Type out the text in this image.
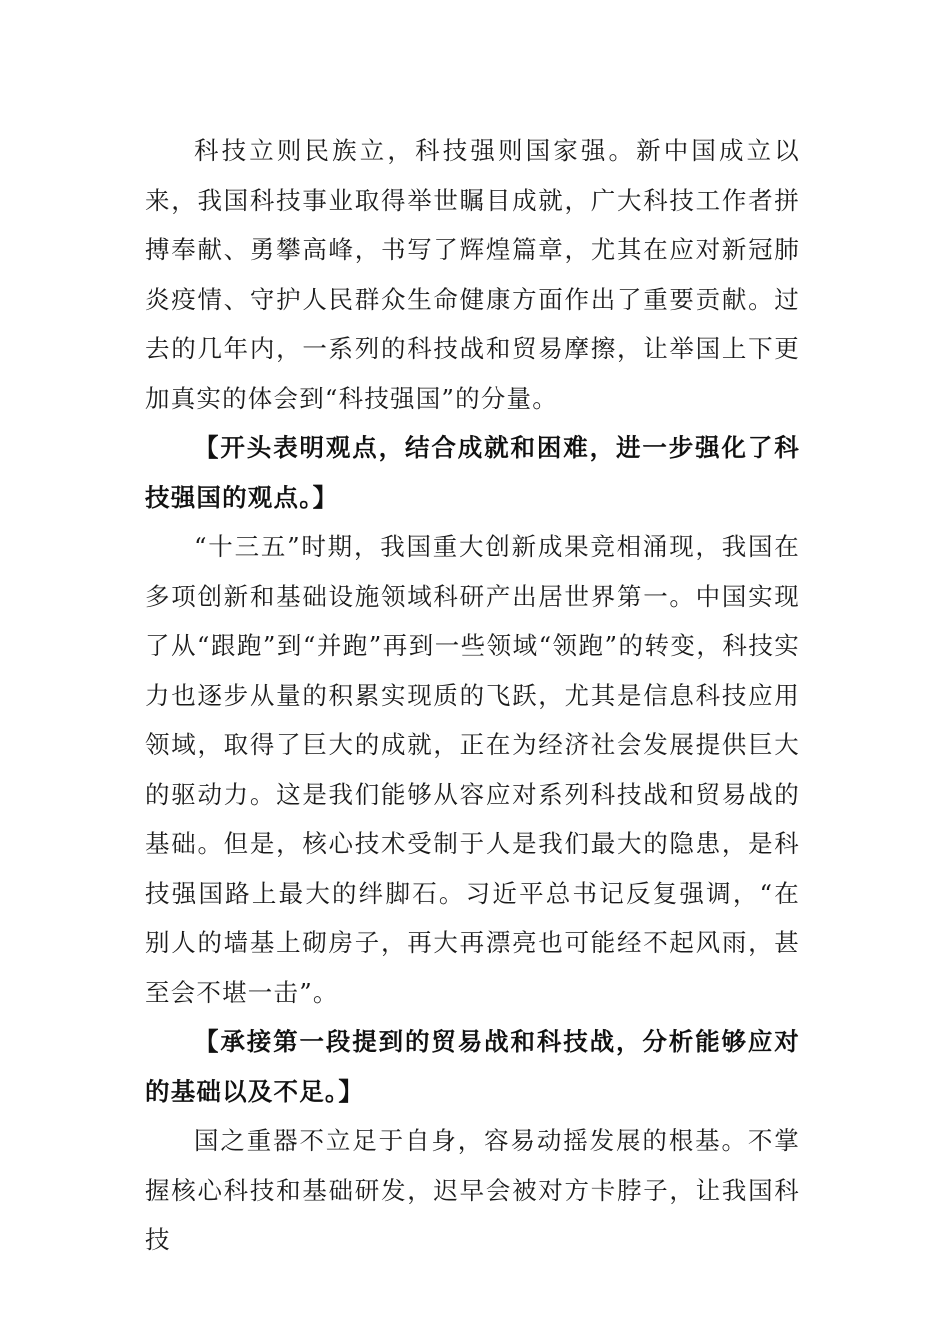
科技立则民族立，科技强则国家强。新中国成立以来，我国科技事业取得举世瞩目成就，广大科技工作者拼搏奉献、勇攀高峰，书写了辉煌篇章，尤其在应对新冠肺炎疫情、守护人民群众生命健康方面作出了重要贡献。过去的几年内，一系列的科技战和贸易摩擦，让举国上下更加真实的体会到“科技强国”的分量。

【开头表明观点，结合成就和困难，进一步强化了科技强国的观点。】

“十三五”时期，我国重大创新成果竞相涌现，我国在多项创新和基础设施领域科研产出居世界第一。中国实现了从“跟跑”到“并跑”再到一些领域“领跑”的转变，科技实力也逐步从量的积累实现质的飞跃，尤其是信息科技应用领域，取得了巨大的成就，正在为经济社会发展提供巨大的驱动力。这是我们能够从容应对系列科技战和贸易战的基础。但是，核心技术受制于人是我们最大的隐患，是科技强国路上最大的绊脚石。习近平总书记反复强调，“在别人的墙基上砌房子，再大再漂亮也可能经不起风雨，甚至会不堪一击”。

【承接第一段提到的贸易战和科技战，分析能够应对的基础以及不足。】

国之重器不立足于自身，容易动摇发展的根基。不掌握核心科技和基础研发，迟早会被对方卡脖子，让我国科技
